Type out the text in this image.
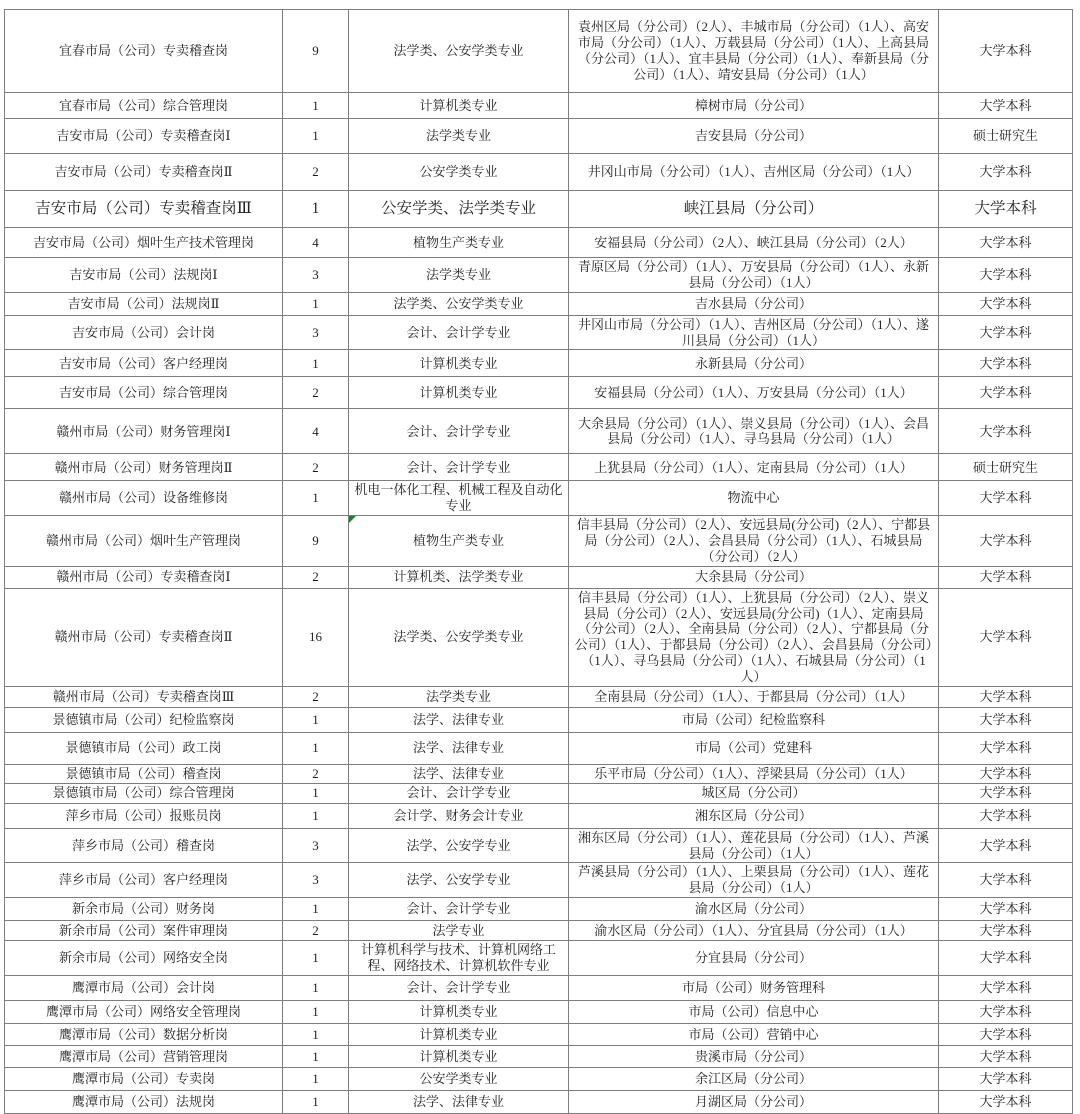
宜春市局（公司）专卖稽查岗	9	法学类、公安学类专业	袁州区局（分公司）（2人）、丰城市局（分公司）（1人）、高安市局（分公司）（1人）、万载县局（分公司）（1人）、上高县局（分公司）（1人）、宜丰县局（分公司）（1人）、奉新县局（分公司）（1人）、靖安县局（分公司）（1人）	大学本科
宜春市局（公司）综合管理岗	1	计算机类专业	樟树市局（分公司）	大学本科
吉安市局（公司）专卖稽查岗Ⅰ	1	法学类专业	吉安县局（分公司）	硕士研究生
吉安市局（公司）专卖稽查岗Ⅱ	2	公安学类专业	井冈山市局（分公司）（1人）、吉州区局（分公司）（1人）	大学本科
吉安市局（公司）专卖稽查岗Ⅲ	1	公安学类、法学类专业	峡江县局（分公司）	大学本科
吉安市局（公司）烟叶生产技术管理岗	4	植物生产类专业	安福县局（分公司）（2人）、峡江县局（分公司）（2人）	大学本科
吉安市局（公司）法规岗Ⅰ	3	法学类专业	青原区局（分公司）（1人）、万安县局（分公司）（1人）、永新县局（分公司）（1人）	大学本科
吉安市局（公司）法规岗Ⅱ	1	法学类、公安学类专业	吉水县局（分公司）	大学本科
吉安市局（公司）会计岗	3	会计、会计学专业	井冈山市局（分公司）（1人）、吉州区局（分公司）（1人）、遂川县局（分公司）（1人）	大学本科
吉安市局（公司）客户经理岗	1	计算机类专业	永新县局（分公司）	大学本科
吉安市局（公司）综合管理岗	2	计算机类专业	安福县局（分公司）（1人）、万安县局（分公司）（1人）	大学本科
赣州市局（公司）财务管理岗Ⅰ	4	会计、会计学专业	大余县局（分公司）（1人）、崇义县局（分公司）（1人）、会昌县局（分公司）（1人）、寻乌县局（分公司）（1人）	大学本科
赣州市局（公司）财务管理岗Ⅱ	2	会计、会计学专业	上犹县局（分公司）（1人）、定南县局（分公司）（1人）	硕士研究生
赣州市局（公司）设备维修岗	1	机电一体化工程、机械工程及自动化专业	物流中心	大学本科
赣州市局（公司）烟叶生产管理岗	9	植物生产类专业	信丰县局（分公司）（2人）、安远县局(分公司)（2人）、宁都县局（分公司）（2人）、会昌县局（分公司）（1人）、石城县局（分公司）（2人）	大学本科
赣州市局（公司）专卖稽查岗Ⅰ	2	计算机类、法学类专业	大余县局（分公司）	大学本科
赣州市局（公司）专卖稽查岗Ⅱ	16	法学类、公安学类专业	信丰县局（分公司）（1人）、上犹县局（分公司）（2人）、崇义县局（分公司）（2人）、安远县局(分公司)（1人）、定南县局（分公司）（2人）、全南县局（分公司）（2人）、宁都县局（分公司）（1人）、于都县局（分公司）（2人）、会昌县局（分公司）（1人）、寻乌县局（分公司）（1人）、石城县局（分公司）（1人）	大学本科
赣州市局（公司）专卖稽查岗Ⅲ	2	法学类专业	全南县局（分公司）（1人）、于都县局（分公司）（1人）	大学本科
景德镇市局（公司）纪检监察岗	1	法学、法律专业	市局（公司）纪检监察科	大学本科
景德镇市局（公司）政工岗	1	法学、法律专业	市局（公司）党建科	大学本科
景德镇市局（公司）稽查岗	2	法学、法律专业	乐平市局（分公司）（1人）、浮梁县局（分公司）（1人）	大学本科
景德镇市局（公司）综合管理岗	1	会计、会计学专业	城区局（分公司）	大学本科
萍乡市局（公司）报账员岗	1	会计学、财务会计专业	湘东区局（分公司）	大学本科
萍乡市局（公司）稽查岗	3	法学、公安学专业	湘东区局（分公司）（1人）、莲花县局（分公司）（1人）、芦溪县局（分公司）（1人）	大学本科
萍乡市局（公司）客户经理岗	3	法学、公安学专业	芦溪县局（分公司）（1人）、上栗县局（分公司）（1人）、莲花县局（分公司）（1人）	大学本科
新余市局（公司）财务岗	1	会计、会计学专业	渝水区局（分公司）	大学本科
新余市局（公司）案件审理岗	2	法学专业	渝水区局（分公司）（1人）、分宜县局（分公司）（1人）	大学本科
新余市局（公司）网络安全岗	1	计算机科学与技术、计算机网络工程、网络技术、计算机软件专业	分宜县局（分公司）	大学本科
鹰潭市局（公司）会计岗	1	会计、会计学专业	市局（公司）财务管理科	大学本科
鹰潭市局（公司）网络安全管理岗	1	计算机类专业	市局（公司）信息中心	大学本科
鹰潭市局（公司）数据分析岗	1	计算机类专业	市局（公司）营销中心	大学本科
鹰潭市局（公司）营销管理岗	1	计算机类专业	贵溪市局（分公司）	大学本科
鹰潭市局（公司）专卖岗	1	公安学类专业	余江区局（分公司）	大学本科
鹰潭市局（公司）法规岗	1	法学、法律专业	月湖区局（分公司）	大学本科
